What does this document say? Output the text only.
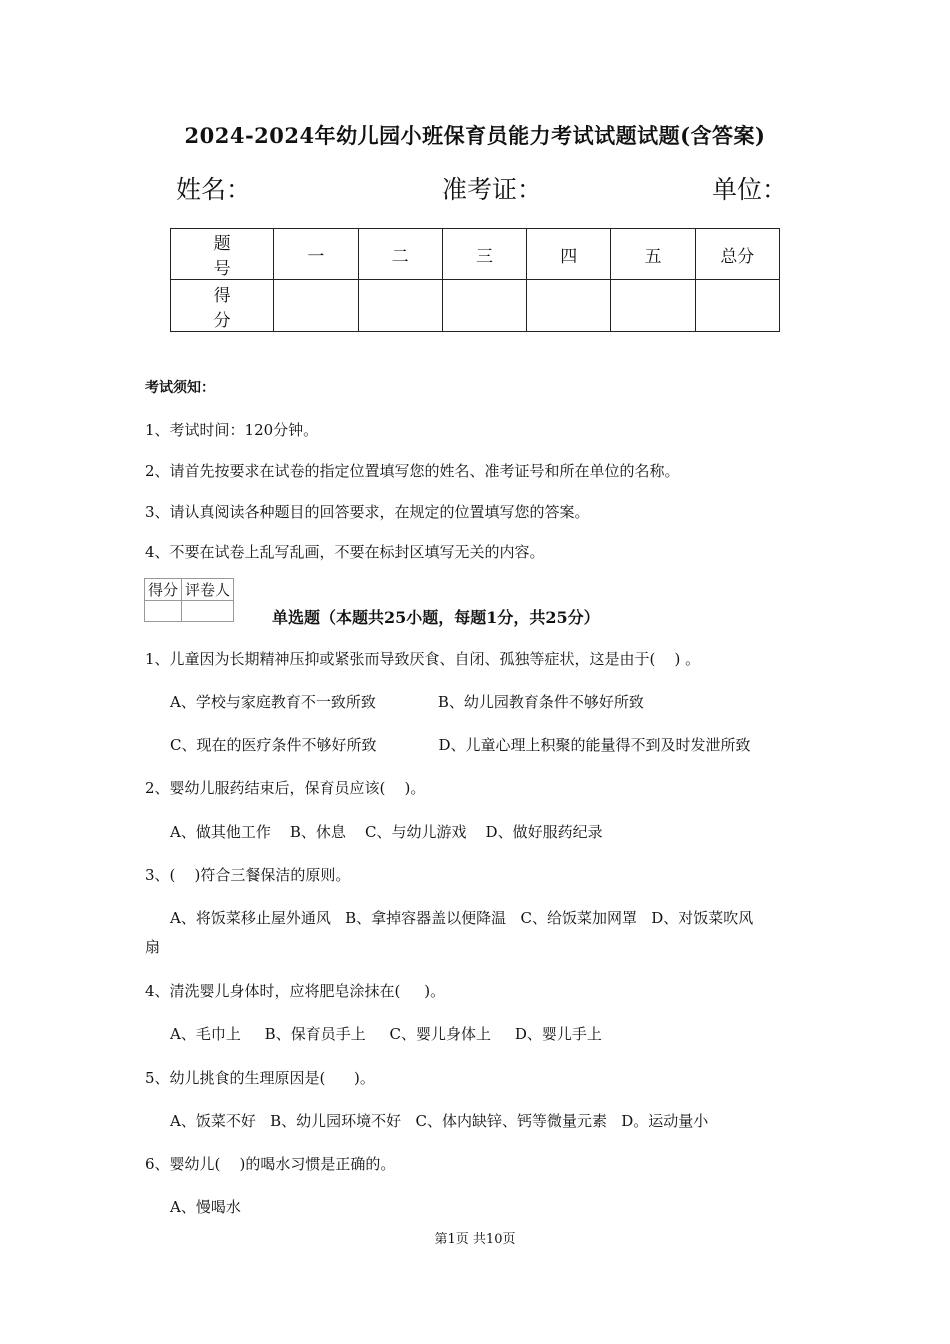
2024-2024年幼儿园小班保育员能力考试试题试题(含答案)
姓名：	准考证：	单位：
题 号	一	二	三	四	五	总分
得 分						
考试须知：
1、考试时间：120分钟。
2、请首先按要求在试卷的指定位置填写您的姓名、准考证号和所在单位的名称。
3、请认真阅读各种题目的回答要求，在规定的位置填写您的答案。
4、不要在试卷上乱写乱画，不要在标封区填写无关的内容。
得分	评卷人

单选题（本题共25小题，每题1分，共25分）
1、儿童因为长期精神压抑或紧张而导致厌食、自闭、孤独等症状，这是由于(    ) 。
A、学校与家庭教育不一致所致             B、幼儿园教育条件不够好所致
C、现在的医疗条件不够好所致             D、儿童心理上积聚的能量得不到及时发泄所致
2、婴幼儿服药结束后，保育员应该(    )。
A、做其他工作    B、休息    C、与幼儿游戏    D、做好服药纪录
3、(    )符合三餐保洁的原则。
A、将饭菜移止屋外通风   B、拿掉容器盖以便降温   C、给饭菜加网罩   D、对饭菜吹风
扇
4、清洗婴儿身体时，应将肥皂涂抹在(     )。
A、毛巾上     B、保育员手上     C、婴儿身体上     D、婴儿手上
5、幼儿挑食的生理原因是(      )。
A、饭菜不好   B、幼儿园环境不好   C、体内缺锌、钙等微量元素   D。运动量小
6、婴幼儿(    )的喝水习惯是正确的。
A、慢喝水
第1页 共10页
